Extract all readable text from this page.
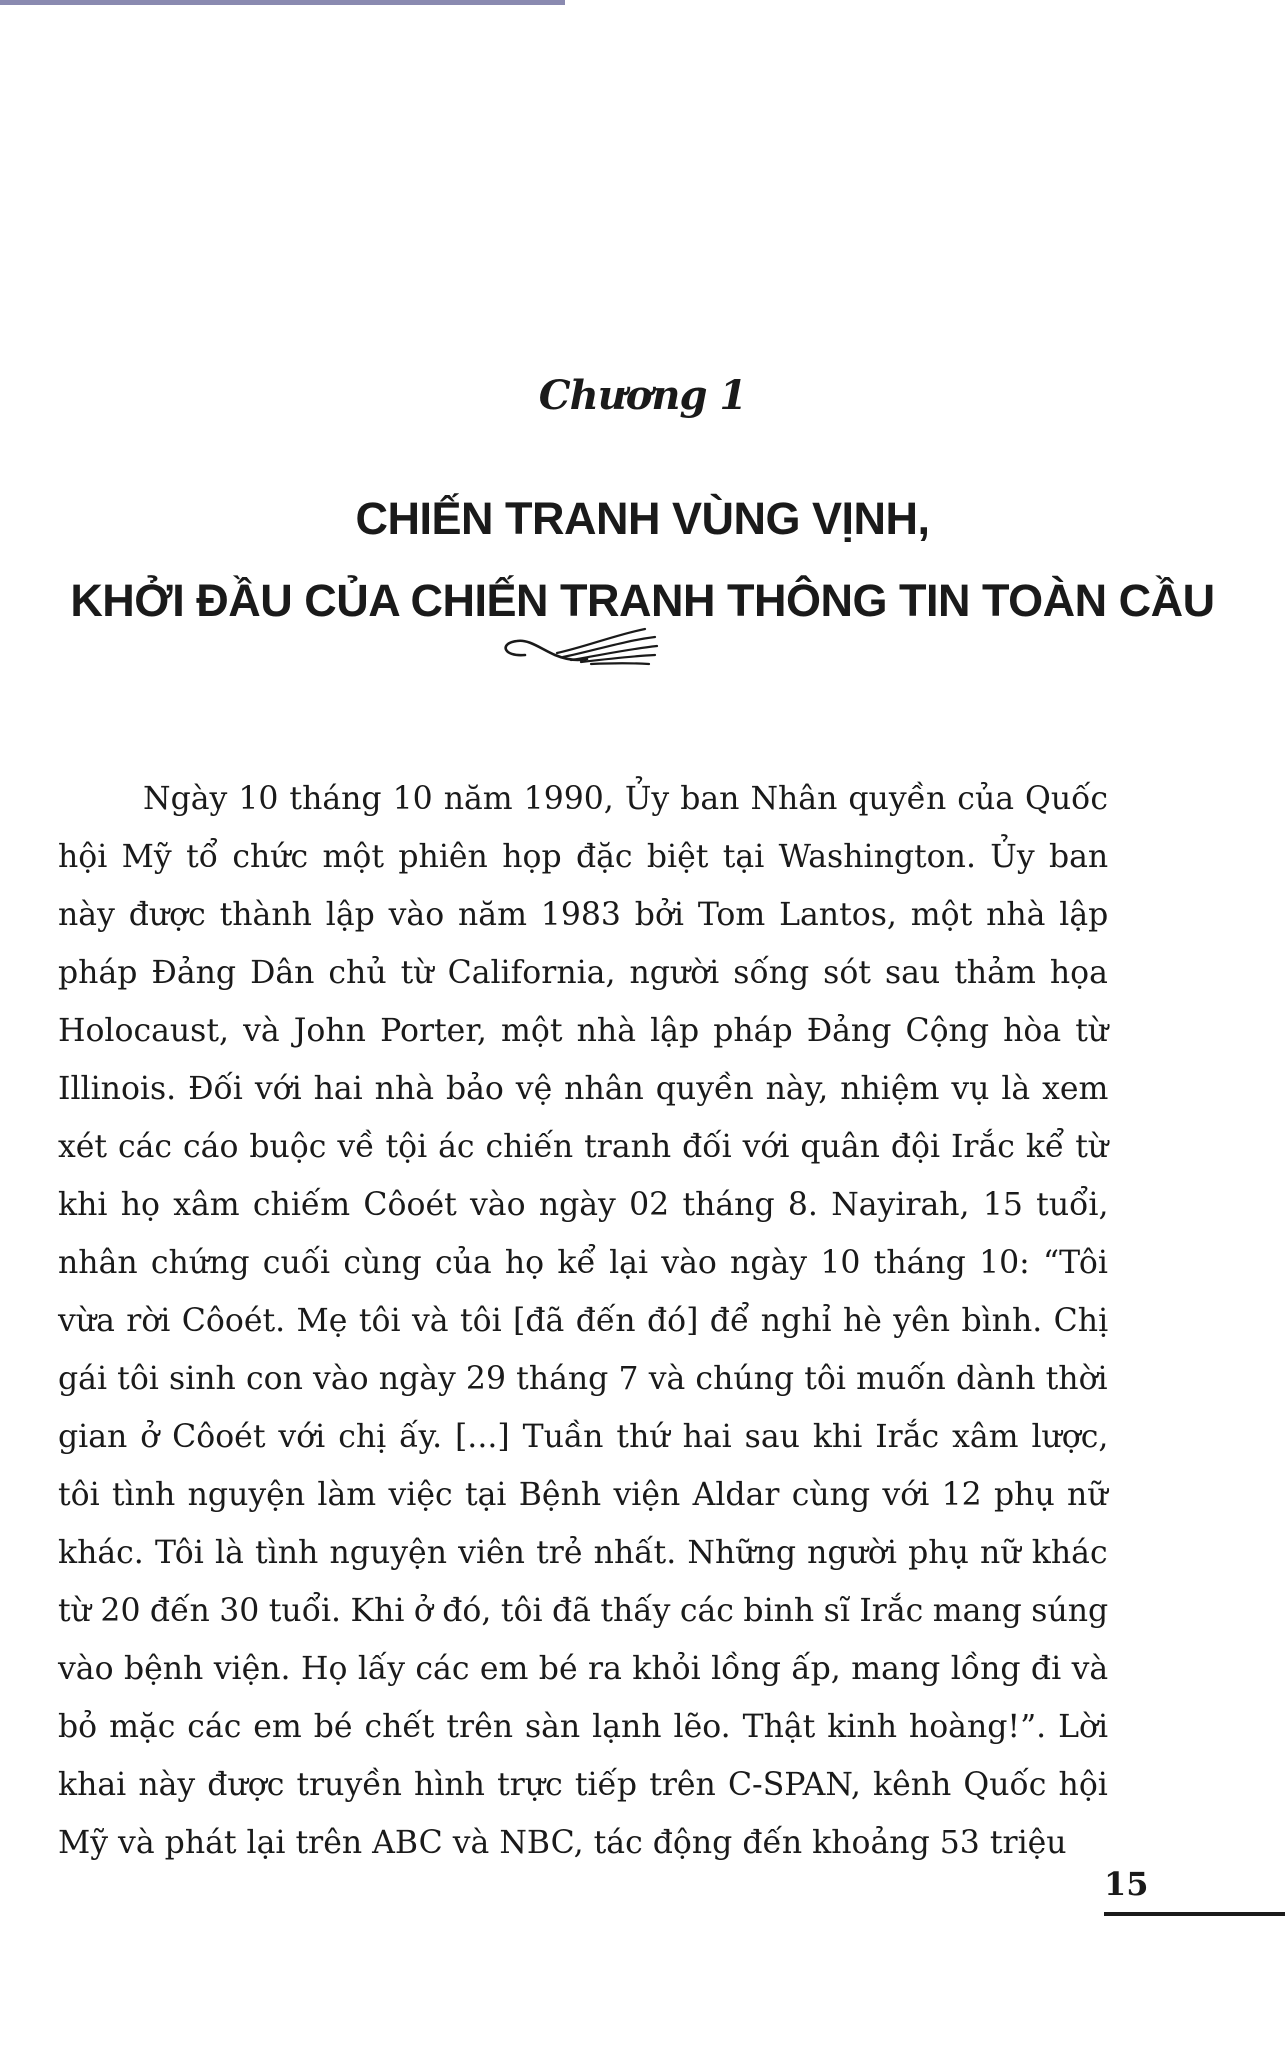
Chương 1
CHIẾN TRANH VÙNG VỊNH,
KHỞI ĐẦU CỦA CHIẾN TRANH THÔNG TIN TOÀN CẦU
Ngày 10 tháng 10 năm 1990, Ủy ban Nhân quyền của Quốc
hội Mỹ tổ chức một phiên họp đặc biệt tại Washington. Ủy ban
này được thành lập vào năm 1983 bởi Tom Lantos, một nhà lập
pháp Đảng Dân chủ từ California, người sống sót sau thảm họa
Holocaust, và John Porter, một nhà lập pháp Đảng Cộng hòa từ
Illinois. Đối với hai nhà bảo vệ nhân quyền này, nhiệm vụ là xem
xét các cáo buộc về tội ác chiến tranh đối với quân đội Irắc kể từ
khi họ xâm chiếm Côoét vào ngày 02 tháng 8. Nayirah, 15 tuổi,
nhân chứng cuối cùng của họ kể lại vào ngày 10 tháng 10: “Tôi
vừa rời Côoét. Mẹ tôi và tôi [đã đến đó] để nghỉ hè yên bình. Chị
gái tôi sinh con vào ngày 29 tháng 7 và chúng tôi muốn dành thời
gian ở Côoét với chị ấy. [...] Tuần thứ hai sau khi Irắc xâm lược,
tôi tình nguyện làm việc tại Bệnh viện Aldar cùng với 12 phụ nữ
khác. Tôi là tình nguyện viên trẻ nhất. Những người phụ nữ khác
từ 20 đến 30 tuổi. Khi ở đó, tôi đã thấy các binh sĩ Irắc mang súng
vào bệnh viện. Họ lấy các em bé ra khỏi lồng ấp, mang lồng đi và
bỏ mặc các em bé chết trên sàn lạnh lẽo. Thật kinh hoàng!”. Lời
khai này được truyền hình trực tiếp trên C-SPAN, kênh Quốc hội
Mỹ và phát lại trên ABC và NBC, tác động đến khoảng 53 triệu
15
